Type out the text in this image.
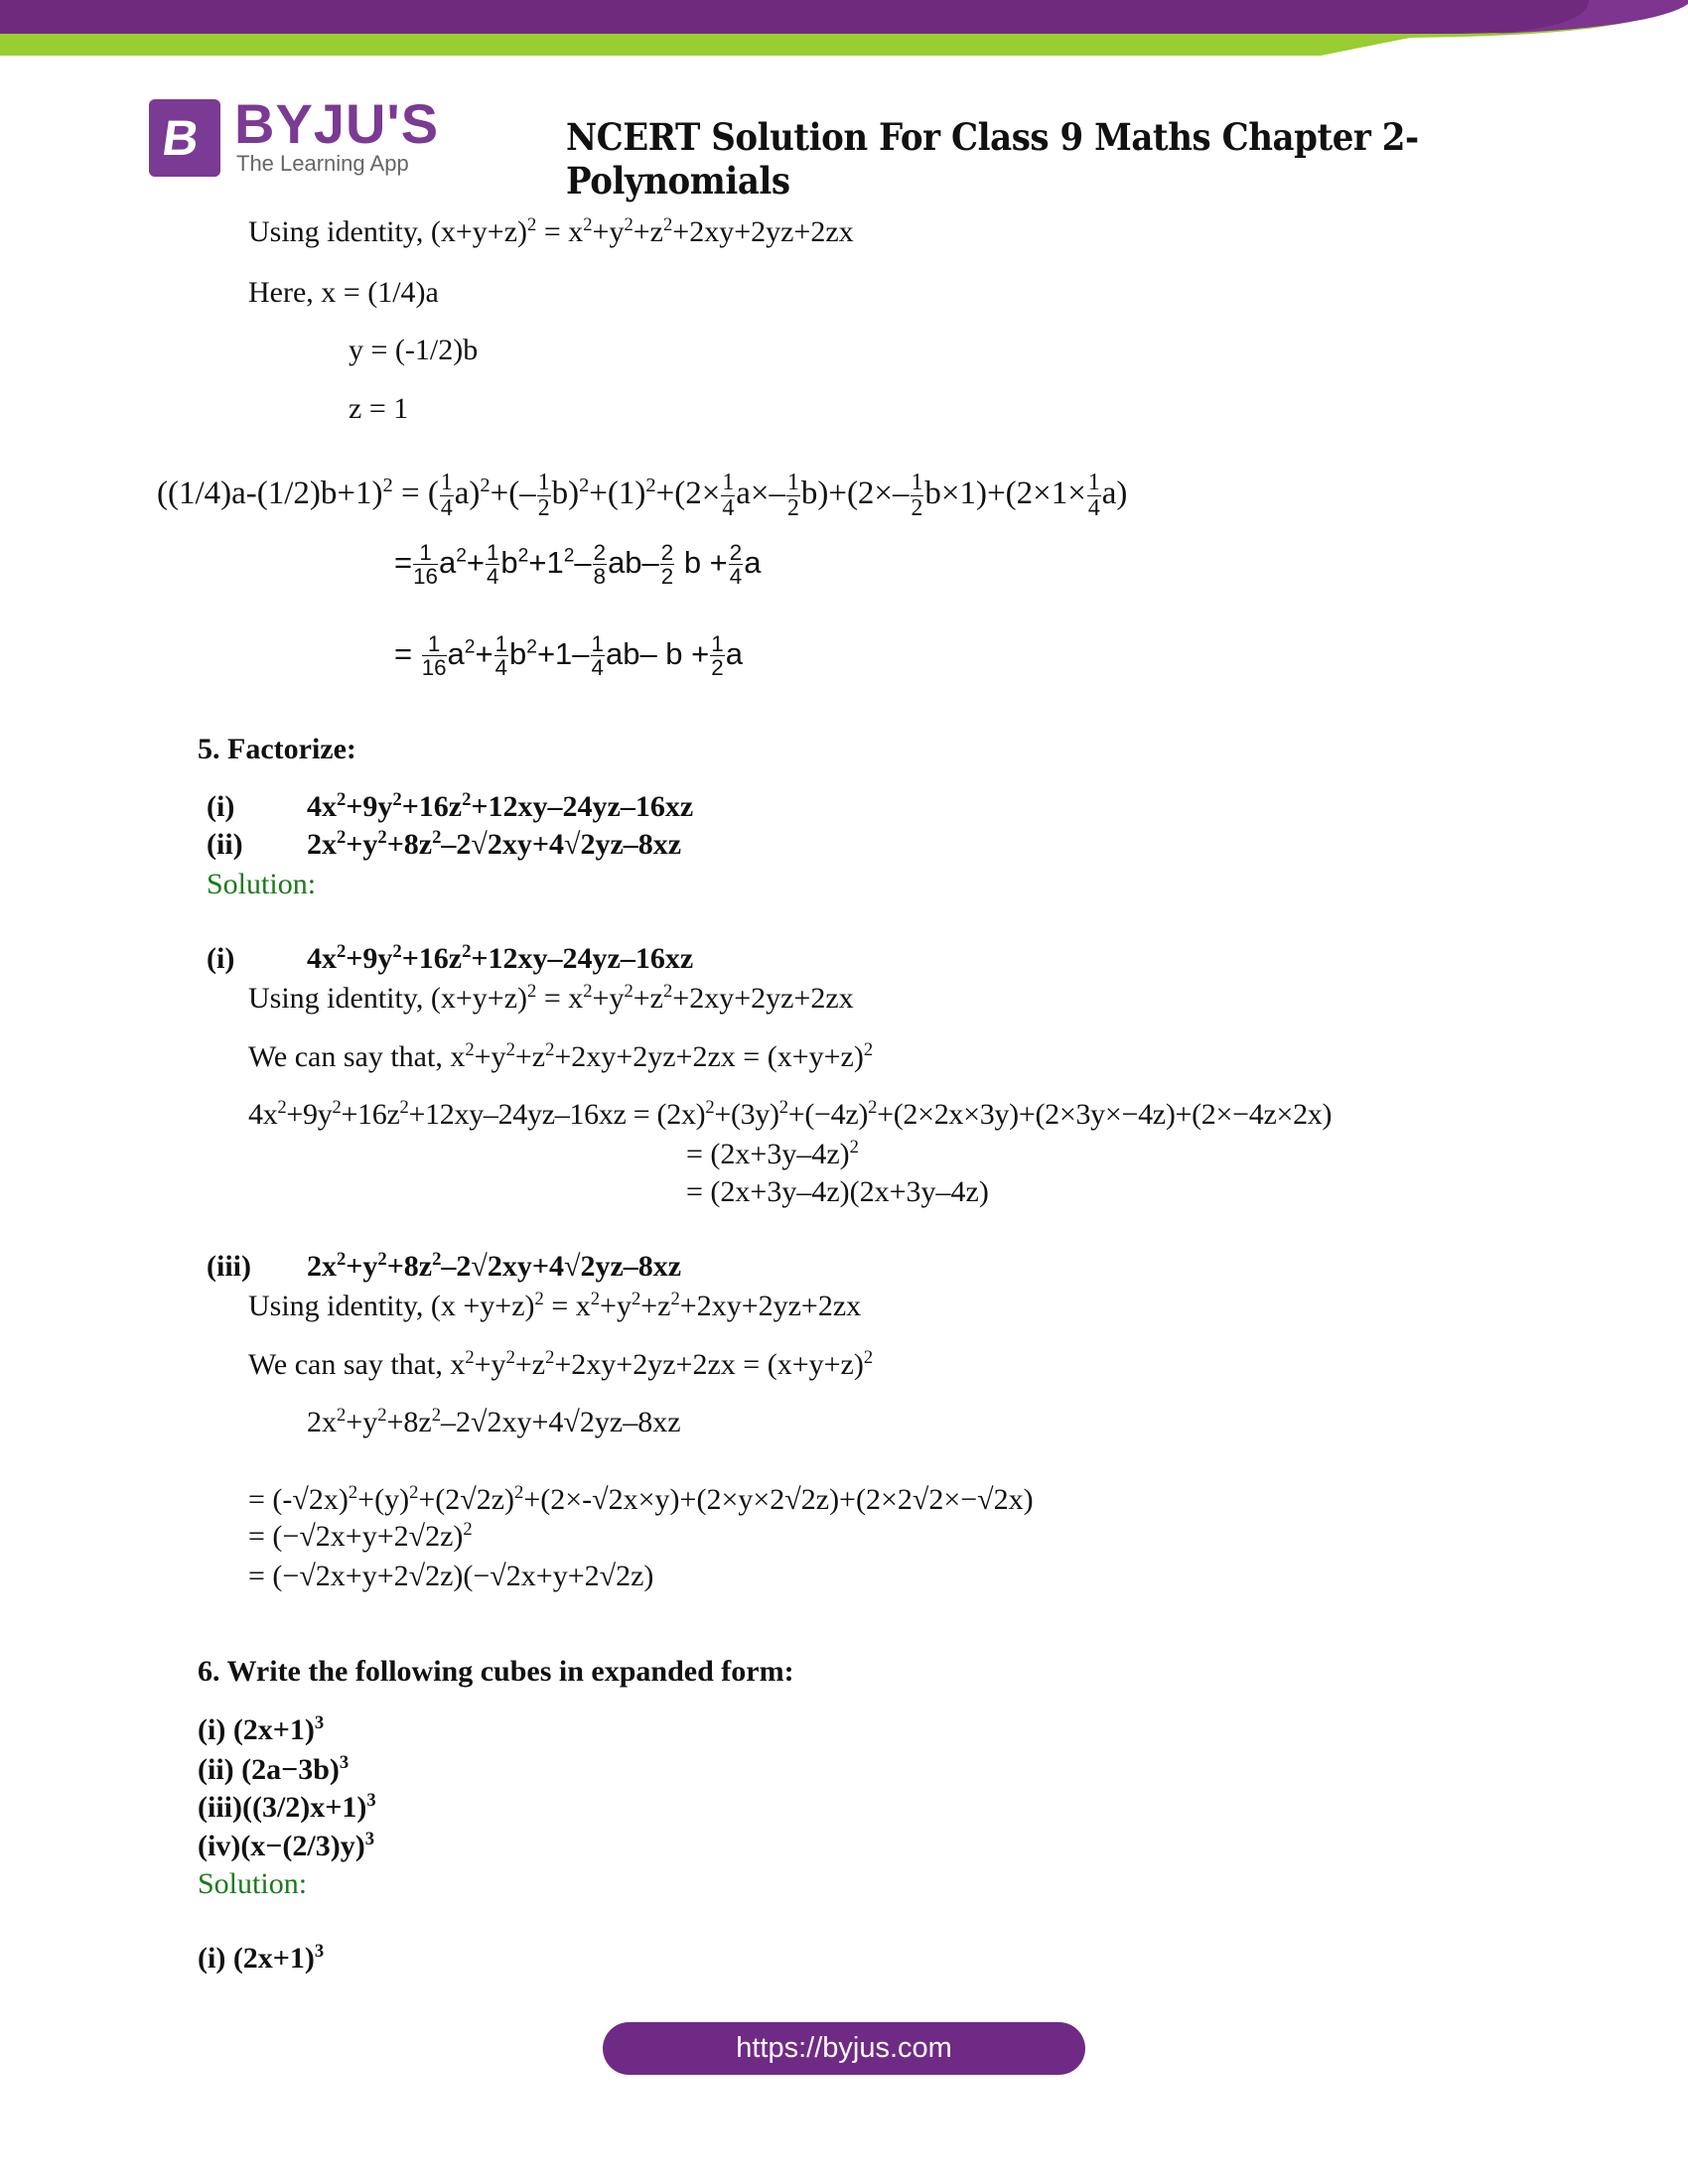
B BYJU'S
The Learning App
NCERT Solution For Class 9 Maths Chapter 2- Polynomials
Using identity, $(x+y+z)^2 = x^2+y^2+z^2+2xy+2yz+2zx$
Here, x = (1/4)a
y = (-1/2)b
z = 1
$((1/4)a-(1/2)b+1)^2$ = ( $\frac{1}{4} a)^2+(- \frac{1}{2} b)^2+(1)^2+(2\times \frac{1}{4} a\times- \frac{1}{2} b)+(2\times- \frac{1}{2} b\times 1)+(2\times 1\times \frac{1}{4} a)$
= $\frac{1}{16} a^2+ \frac{1}{4} b^2+1^2- \frac{2}{8} ab- \frac{2}{2}$ $b + \frac{2}{4}$ a
= $\frac{1}{16} a^2+ \frac{1}{4} b^2+1- \frac{1}{4} ab-$ $b + \frac{1}{2}$ a
5. Factorize:
(i) $4x^2+9y^2+16z^2+12xy-24yz-16xz$
(ii) $2x^2+y^2+8z^2-2√2xy+4√2yz-8xz$
Solution:
(i) $4x^2+9y^2+16z^2+12xy-24yz-16xz$
Using identity, $(x+y+z)^2 = x^2+y^2+z^2+2xy+2yz+2zx$
We can say that, $x^2+y^2+z^2+2xy+2yz+2zx = (x+y+z)^2$
$4x^2+9y^2+16z^2+12xy-24yz-16xz = (2x)^2+(3y)^2+(-4z)^2+(2\times 2x\times 3y)+(2\times 3y\times-4z)+(2\times-4z\times 2x)$
= $(2x+3y-4z)^2$
= (2x+3y–4z)(2x+3y–4z)
(iii) $2x^2+y^2+8z^2-2√2xy+4√2yz-8xz$
Using identity, $(x +y+z)^2 = x^2+y^2+z^2+2xy+2yz+2zx$
We can say that, $x^2+y^2+z^2+2xy+2yz+2zx = (x+y+z)^2$
$2x^2+y^2+8z^2-2√2xy+4√2yz-8xz$
= $(-√2x)^2+(y)^2+(2√2z)^2+(2\times-√2x\times y)+(2\times y\times 2√2z)+(2\times 2√2\times-√2x)$
= $(-√2x+y+2√2z)^2$
= (−√2x+y+2√2z)(−√2x+y+2√2z)
6. Write the following cubes in expanded form:
(i) $(2x+1)^3$
(ii) $(2a-3b)^3$
$(iii)((3/2)x+1)^3$
$(iv)(x-(2/3)y)^3$
Solution:
(i) $(2x+1)^3$
https://byjus.com
